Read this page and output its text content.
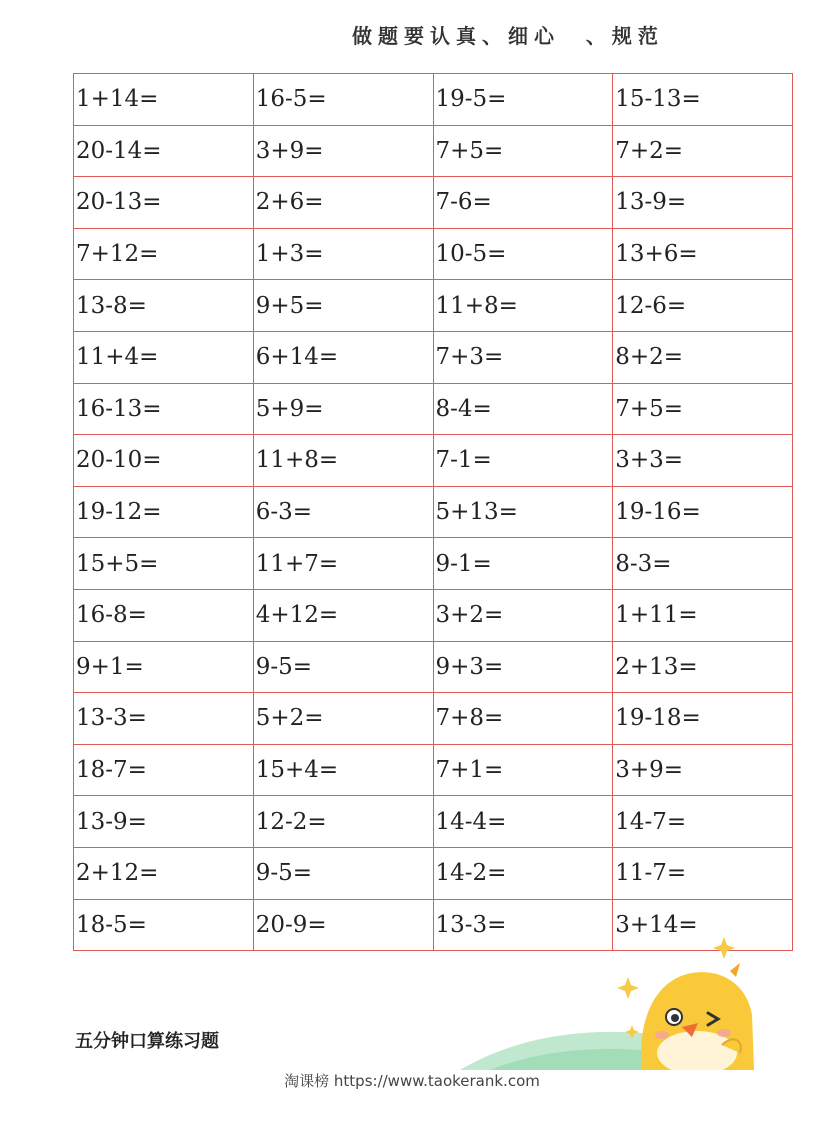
做题要认真、细心  、规范
1+14=	16-5=	19-5=	15-13=
20-14=	3+9=	7+5=	7+2=
20-13=	2+6=	7-6=	13-9=
7+12=	1+3=	10-5=	13+6=
13-8=	9+5=	11+8=	12-6=
11+4=	6+14=	7+3=	8+2=
16-13=	5+9=	8-4=	7+5=
20-10=	11+8=	7-1=	3+3=
19-12=	6-3=	5+13=	19-16=
15+5=	11+7=	9-1=	8-3=
16-8=	4+12=	3+2=	1+11=
9+1=	9-5=	9+3=	2+13=
13-3=	5+2=	7+8=	19-18=
18-7=	15+4=	7+1=	3+9=
13-9=	12-2=	14-4=	14-7=
2+12=	9-5=	14-2=	11-7=
18-5=	20-9=	13-3=	3+14=
五分钟口算练习题
淘课榜 https://www.taokerank.com
